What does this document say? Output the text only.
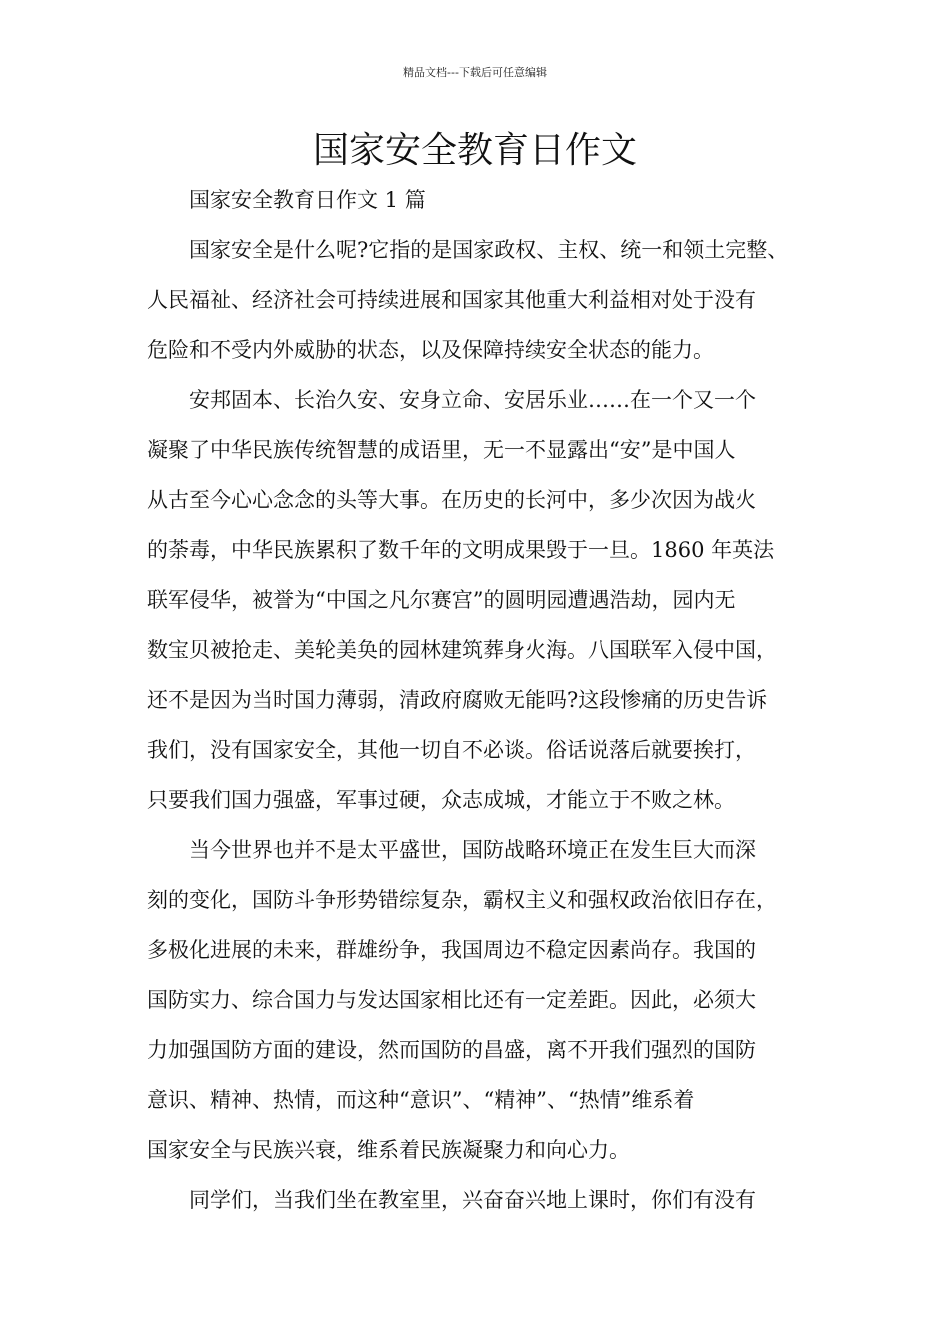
精品文档---下载后可任意编辑
国家安全教育日作文
国家安全教育日作文 1 篇
国家安全是什么呢?它指的是国家政权、主权、统一和领土完整、
人民福祉、经济社会可持续进展和国家其他重大利益相对处于没有
危险和不受内外威胁的状态，以及保障持续安全状态的能力。
安邦固本、长治久安、安身立命、安居乐业……在一个又一个
凝聚了中华民族传统智慧的成语里，无一不显露出“安”是中国人
从古至今心心念念的头等大事。在历史的长河中，多少次因为战火
的荼毒，中华民族累积了数千年的文明成果毁于一旦。1860 年英法
联军侵华，被誉为“中国之凡尔赛宫”的圆明园遭遇浩劫，园内无
数宝贝被抢走、美轮美奂的园林建筑葬身火海。八国联军入侵中国，
还不是因为当时国力薄弱，清政府腐败无能吗?这段惨痛的历史告诉
我们，没有国家安全，其他一切自不必谈。俗话说落后就要挨打，
只要我们国力强盛，军事过硬，众志成城，才能立于不败之林。
当今世界也并不是太平盛世，国防战略环境正在发生巨大而深
刻的变化，国防斗争形势错综复杂，霸权主义和强权政治依旧存在，
多极化进展的未来，群雄纷争，我国周边不稳定因素尚存。我国的
国防实力、综合国力与发达国家相比还有一定差距。因此，必须大
力加强国防方面的建设，然而国防的昌盛，离不开我们强烈的国防
意识、精神、热情，而这种“意识”、“精神”、“热情”维系着
国家安全与民族兴衰，维系着民族凝聚力和向心力。
同学们，当我们坐在教室里，兴奋奋兴地上课时，你们有没有
